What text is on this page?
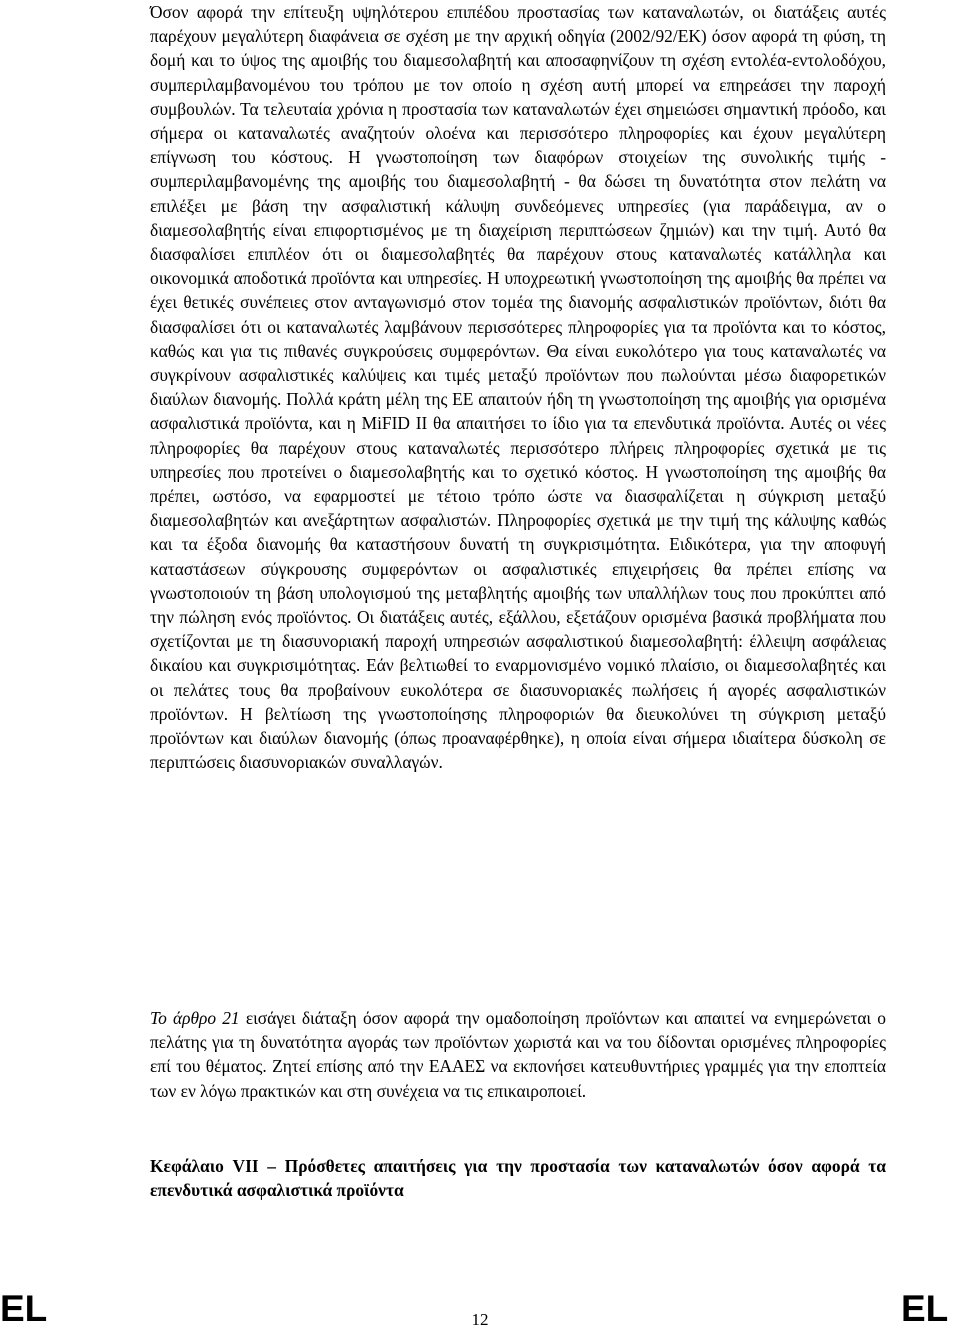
Όσον αφορά την επίτευξη υψηλότερου επιπέδου προστασίας των καταναλωτών, οι διατάξεις αυτές παρέχουν μεγαλύτερη διαφάνεια σε σχέση με την αρχική οδηγία (2002/92/ΕΚ) όσον αφορά τη φύση, τη δομή και το ύψος της αμοιβής του διαμεσολαβητή και αποσαφηνίζουν τη σχέση εντολέα-εντολοδόχου, συμπεριλαμβανομένου του τρόπου με τον οποίο η σχέση αυτή μπορεί να επηρεάσει την παροχή συμβουλών. Τα τελευταία χρόνια η προστασία των καταναλωτών έχει σημειώσει σημαντική πρόοδο, και σήμερα οι καταναλωτές αναζητούν ολοένα και περισσότερο πληροφορίες και έχουν μεγαλύτερη επίγνωση του κόστους. Η γνωστοποίηση των διαφόρων στοιχείων της συνολικής τιμής - συμπεριλαμβανομένης της αμοιβής του διαμεσολαβητή - θα δώσει τη δυνατότητα στον πελάτη να επιλέξει με βάση την ασφαλιστική κάλυψη συνδεόμενες υπηρεσίες (για παράδειγμα, αν ο διαμεσολαβητής είναι επιφορτισμένος με τη διαχείριση περιπτώσεων ζημιών) και την τιμή. Αυτό θα διασφαλίσει επιπλέον ότι οι διαμεσολαβητές θα παρέχουν στους καταναλωτές κατάλληλα και οικονομικά αποδοτικά προϊόντα και υπηρεσίες. Η υποχρεωτική γνωστοποίηση της αμοιβής θα πρέπει να έχει θετικές συνέπειες στον ανταγωνισμό στον τομέα της διανομής ασφαλιστικών προϊόντων, διότι θα διασφαλίσει ότι οι καταναλωτές λαμβάνουν περισσότερες πληροφορίες για τα προϊόντα και το κόστος, καθώς και για τις πιθανές συγκρούσεις συμφερόντων. Θα είναι ευκολότερο για τους καταναλωτές να συγκρίνουν ασφαλιστικές καλύψεις και τιμές μεταξύ προϊόντων που πωλούνται μέσω διαφορετικών διαύλων διανομής. Πολλά κράτη μέλη της ΕΕ απαιτούν ήδη τη γνωστοποίηση της αμοιβής για ορισμένα ασφαλιστικά προϊόντα, και η MiFID II θα απαιτήσει το ίδιο για τα επενδυτικά προϊόντα. Αυτές οι νέες πληροφορίες θα παρέχουν στους καταναλωτές περισσότερο πλήρεις πληροφορίες σχετικά με τις υπηρεσίες που προτείνει ο διαμεσολαβητής και το σχετικό κόστος. Η γνωστοποίηση της αμοιβής θα πρέπει, ωστόσο, να εφαρμοστεί με τέτοιο τρόπο ώστε να διασφαλίζεται η σύγκριση μεταξύ διαμεσολαβητών και ανεξάρτητων ασφαλιστών. Πληροφορίες σχετικά με την τιμή της κάλυψης καθώς και τα έξοδα διανομής θα καταστήσουν δυνατή τη συγκρισιμότητα. Ειδικότερα, για την αποφυγή καταστάσεων σύγκρουσης συμφερόντων οι ασφαλιστικές επιχειρήσεις θα πρέπει επίσης να γνωστοποιούν τη βάση υπολογισμού της μεταβλητής αμοιβής των υπαλλήλων τους που προκύπτει από την πώληση ενός προϊόντος. Οι διατάξεις αυτές, εξάλλου, εξετάζουν ορισμένα βασικά προβλήματα που σχετίζονται με τη διασυνοριακή παροχή υπηρεσιών ασφαλιστικού διαμεσολαβητή: έλλειψη ασφάλειας δικαίου και συγκρισιμότητας. Εάν βελτιωθεί το εναρμονισμένο νομικό πλαίσιο, οι διαμεσολαβητές και οι πελάτες τους θα προβαίνουν ευκολότερα σε διασυνοριακές πωλήσεις ή αγορές ασφαλιστικών προϊόντων. Η βελτίωση της γνωστοποίησης πληροφοριών θα διευκολύνει τη σύγκριση μεταξύ προϊόντων και διαύλων διανομής (όπως προαναφέρθηκε), η οποία είναι σήμερα ιδιαίτερα δύσκολη σε περιπτώσεις διασυνοριακών συναλλαγών.

Το άρθρο 21 εισάγει διάταξη όσον αφορά την ομαδοποίηση προϊόντων και απαιτεί να ενημερώνεται ο πελάτης για τη δυνατότητα αγοράς των προϊόντων χωριστά και να του δίδονται ορισμένες πληροφορίες επί του θέματος. Ζητεί επίσης από την ΕΑΑΕΣ να εκπονήσει κατευθυντήριες γραμμές για την εποπτεία των εν λόγω πρακτικών και στη συνέχεια να τις επικαιροποιεί.

Κεφάλαιο VII – Πρόσθετες απαιτήσεις για την προστασία των καταναλωτών όσον αφορά τα επενδυτικά ασφαλιστικά προϊόντα

EL	12	EL
